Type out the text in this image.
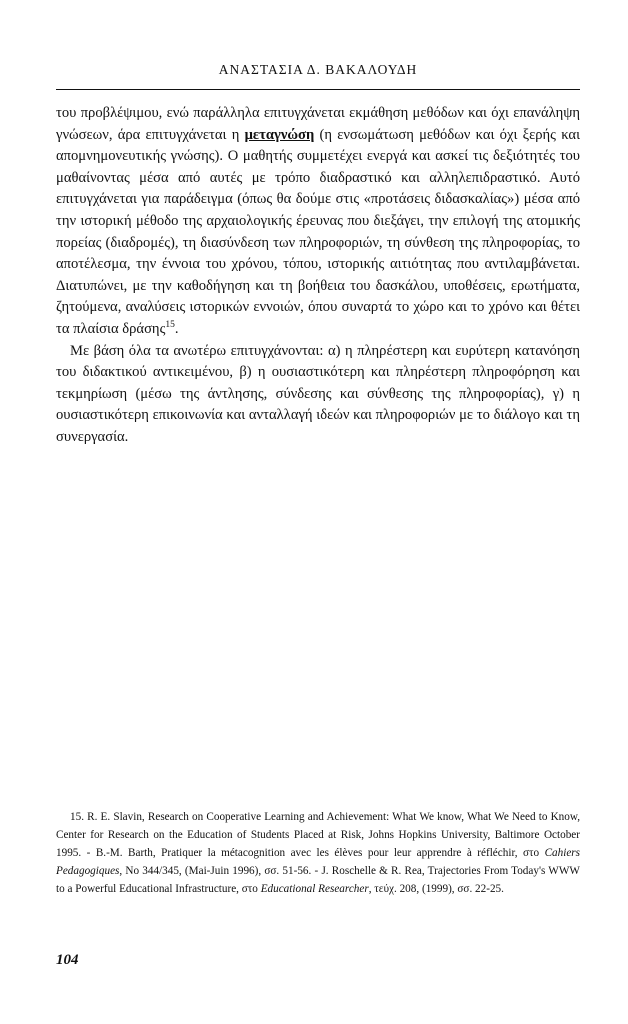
ΑΝΑΣΤΑΣΙΑ Δ. ΒΑΚΑΛΟΥΔΗ

του προβλέψιμου, ενώ παράλληλα επιτυγχάνεται εκμάθηση μεθόδων και όχι επανάληψη γνώσεων, άρα επιτυγχάνεται η μεταγνώση (η ενσωμάτωση μεθόδων και όχι ξερής και απομνημονευτικής γνώσης). Ο μαθητής συμμετέχει ενεργά και ασκεί τις δεξιότητές του μαθαίνοντας μέσα από αυτές με τρόπο διαδραστικό και αλληλεπιδραστικό. Αυτό επιτυγχάνεται για παράδειγμα (όπως θα δούμε στις «προτάσεις διδασκαλίας») μέσα από την ιστορική μέθοδο της αρχαιολογικής έρευνας που διεξάγει, την επιλογή της ατομικής πορείας (διαδρομές), τη διασύνδεση των πληροφοριών, τη σύνθεση της πληροφορίας, το αποτέλεσμα, την έννοια του χρόνου, τόπου, ιστορικής αιτιότητας που αντιλαμβάνεται. Διατυπώνει, με την καθοδήγηση και τη βοήθεια του δασκάλου, υποθέσεις, ερωτήματα, ζητούμενα, αναλύσεις ιστορικών εννοιών, όπου συναρτά το χώρο και το χρόνο και θέτει τα πλαίσια δράσης$^{15}$.

Με βάση όλα τα ανωτέρω επιτυγχάνονται: α) η πληρέστερη και ευρύτερη κατανόηση του διδακτικού αντικειμένου, β) η ουσιαστικότερη και πληρέστερη πληροφόρηση και τεκμηρίωση (μέσω της άντλησης, σύνδεσης και σύνθεσης της πληροφορίας), γ) η ουσιαστικότερη επικοινωνία και ανταλλαγή ιδεών και πληροφοριών με το διάλογο και τη συνεργασία.

15. R. E. Slavin, Research on Cooperative Learning and Achievement: What We know, What We Need to Know, Center for Research on the Education of Students Placed at Risk, Johns Hopkins University, Baltimore October 1995. - B.-M. Barth, Pratiquer la métacognition avec les élèves pour leur apprendre à réfléchir, στο Cahiers Pedagogiques, No 344/345, (Mai-Juin 1996), σσ. 51-56. - J. Roschelle & R. Rea, Trajectories From Today's WWW to a Powerful Educational Infrastructure, στο Educational Researcher, τεύχ. 208, (1999), σσ. 22-25.

104
